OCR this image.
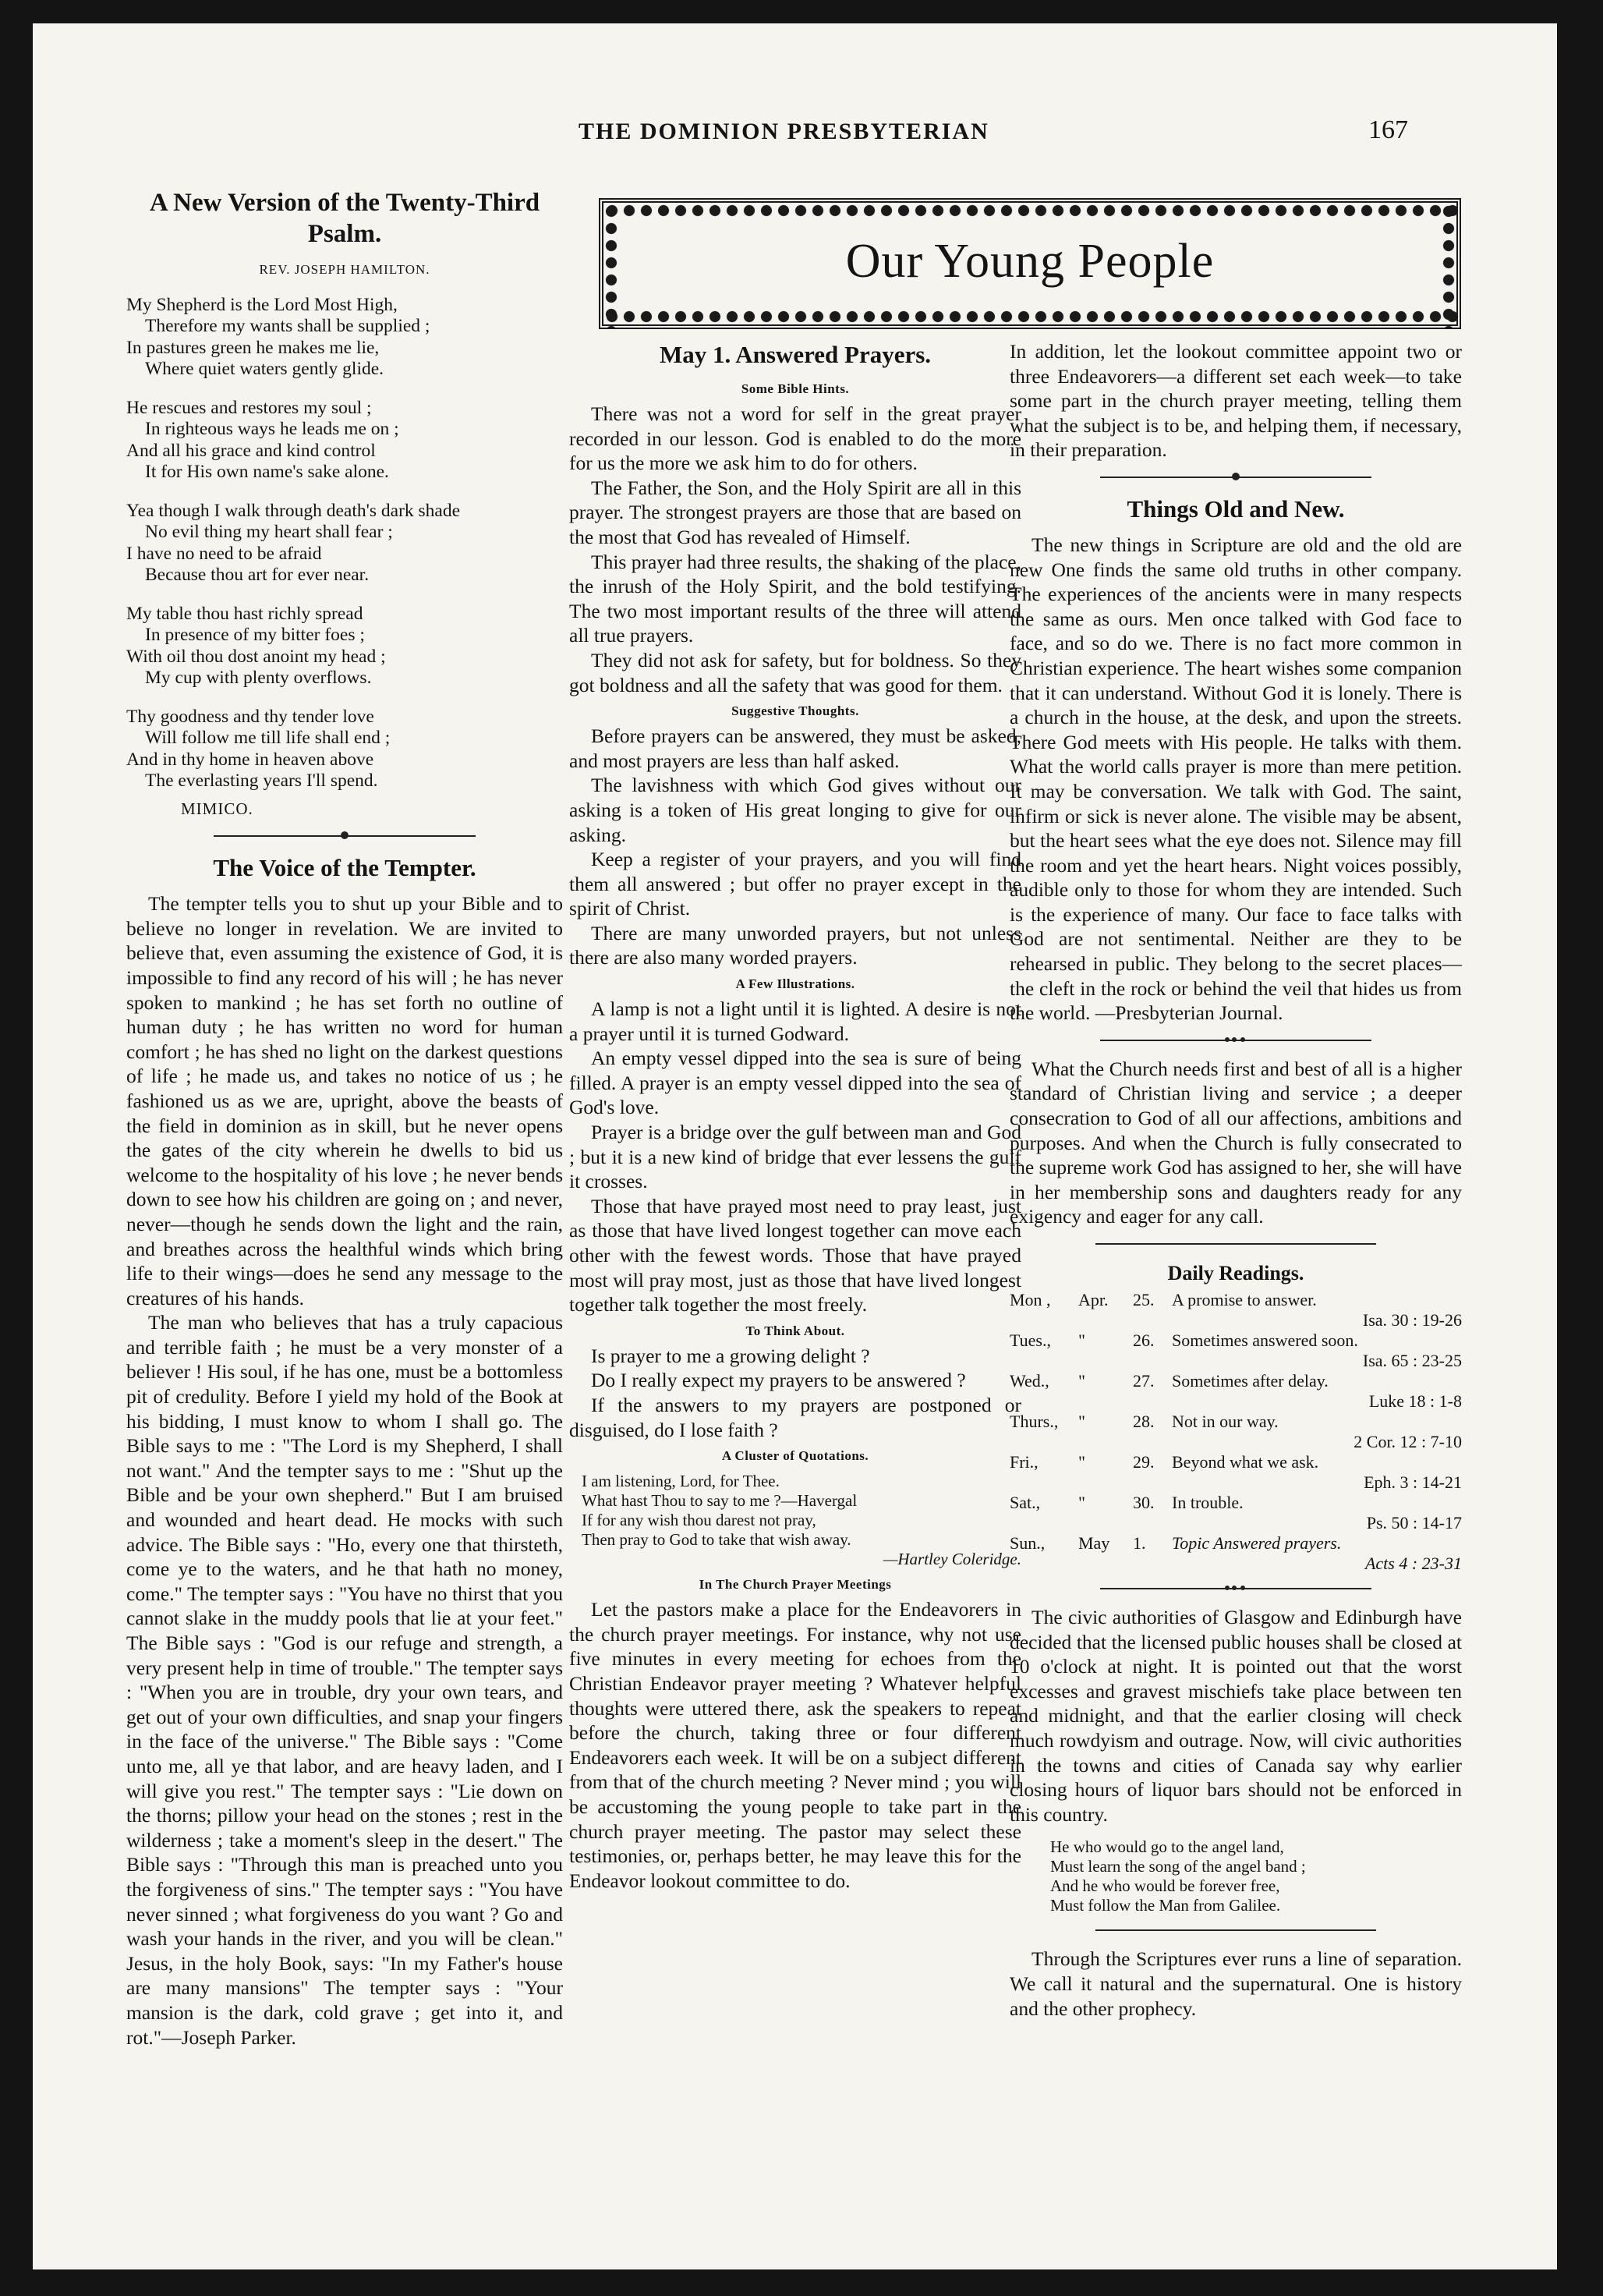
THE DOMINION PRESBYTERIAN	167
Our Young People
A New Version of the Twenty-Third Psalm.
REV. JOSEPH HAMILTON.
My Shepherd is the Lord Most High,
Therefore my wants shall be supplied ;
In pastures green he makes me lie,
Where quiet waters gently glide.
He rescues and restores my soul ;
In righteous ways he leads me on ;
And all his grace and kind control
It for His own name's sake alone.
Yea though I walk through death's dark shade
No evil thing my heart shall fear ;
I have no need to be afraid
Because thou art for ever near.
My table thou hast richly spread
In presence of my bitter foes ;
With oil thou dost anoint my head ;
My cup with plenty overflows.
Thy goodness and thy tender love
Will follow me till life shall end ;
And in thy home in heaven above
The everlasting years I'll spend.
MIMICO.
The Voice of the Tempter.

The tempter tells you to shut up your Bible and to believe no longer in revelation. We are invited to believe that, even assuming the existence of God, it is impossible to find any record of his will ; he has never spoken to mankind ; he has set forth no outline of human duty ; he has written no word for human comfort ; he has shed no light on the darkest questions of life ; he made us, and takes no notice of us ; he fashioned us as we are, upright, above the beasts of the field in dominion as in skill, but he never opens the gates of the city wherein he dwells to bid us welcome to the hospitality of his love ; he never bends down to see how his children are going on ; and never, never—though he sends down the light and the rain, and breathes across the healthful winds which bring life to their wings—does he send any message to the creatures of his hands.

The man who believes that has a truly capacious and terrible faith ; he must be a very monster of a believer ! His soul, if he has one, must be a bottomless pit of credulity. Before I yield my hold of the Book at his bidding, I must know to whom I shall go. The Bible says to me : "The Lord is my Shepherd, I shall not want." And the tempter says to me : "Shut up the Bible and be your own shepherd." But I am bruised and wounded and heart dead. He mocks with such advice. The Bible says : "Ho, every one that thirsteth, come ye to the waters, and he that hath no money, come." The tempter says : "You have no thirst that you cannot slake in the muddy pools that lie at your feet." The Bible says : "God is our refuge and strength, a very present help in time of trouble." The tempter says : "When you are in trouble, dry your own tears, and get out of your own difficulties, and snap your fingers in the face of the universe." The Bible says : "Come unto me, all ye that labor, and are heavy laden, and I will give you rest." The tempter says : "Lie down on the thorns; pillow your head on the stones ; rest in the wilderness ; take a moment's sleep in the desert." The Bible says : "Through this man is preached unto you the forgiveness of sins." The tempter says : "You have never sinned ; what forgiveness do you want ? Go and wash your hands in the river, and you will be clean." Jesus, in the holy Book, says: "In my Father's house are many mansions" The tempter says : "Your mansion is the dark, cold grave ; get into it, and rot."—Joseph Parker.

May 1. Answered Prayers.
Some Bible Hints.

There was not a word for self in the great prayer recorded in our lesson. God is enabled to do the more for us the more we ask him to do for others.

The Father, the Son, and the Holy Spirit are all in this prayer. The strongest prayers are those that are based on the most that God has revealed of Himself.

This prayer had three results, the shaking of the place, the inrush of the Holy Spirit, and the bold testifying. The two most important results of the three will attend all true prayers.

They did not ask for safety, but for boldness. So they got boldness and all the safety that was good for them.

Suggestive Thoughts.

Before prayers can be answered, they must be asked, and most prayers are less than half asked.

The lavishness with which God gives without our asking is a token of His great longing to give for our asking.

Keep a register of your prayers, and you will find them all answered ; but offer no prayer except in the spirit of Christ.

There are many unworded prayers, but not unless there are also many worded prayers.

A Few Illustrations.

A lamp is not a light until it is lighted. A desire is not a prayer until it is turned Godward.

An empty vessel dipped into the sea is sure of being filled. A prayer is an empty vessel dipped into the sea of God's love.

Prayer is a bridge over the gulf between man and God ; but it is a new kind of bridge that ever lessens the gulf it crosses.

Those that have prayed most need to pray least, just as those that have lived longest together can move each other with the fewest words. Those that have prayed most will pray most, just as those that have lived longest together talk together the most freely.

To Think About.

Is prayer to me a growing delight ?

Do I really expect my prayers to be answered ?

If the answers to my prayers are postponed or disguised, do I lose faith ?

A Cluster of Quotations.
I am listening, Lord, for Thee.
What hast Thou to say to me ?—Havergal
If for any wish thou darest not pray,
Then pray to God to take that wish away.
—Hartley Coleridge.
In The Church Prayer Meetings

Let the pastors make a place for the Endeavorers in the church prayer meetings. For instance, why not use five minutes in every meeting for echoes from the Christian Endeavor prayer meeting ? Whatever helpful thoughts were uttered there, ask the speakers to repeat before the church, taking three or four different Endeavorers each week. It will be on a subject different from that of the church meeting ? Never mind ; you will be accustoming the young people to take part in the church prayer meeting. The pastor may select these testimonies, or, perhaps better, he may leave this for the Endeavor lookout committee to do.

In addition, let the lookout committee appoint two or three Endeavorers—a different set each week—to take some part in the church prayer meeting, telling them what the subject is to be, and helping them, if necessary, in their preparation.

Things Old and New.

The new things in Scripture are old and the old are new One finds the same old truths in other company. The experiences of the ancients were in many respects the same as ours. Men once talked with God face to face, and so do we. There is no fact more common in Christian experience. The heart wishes some companion that it can understand. Without God it is lonely. There is a church in the house, at the desk, and upon the streets. There God meets with His people. He talks with them. What the world calls prayer is more than mere petition. It may be conversation. We talk with God. The saint, infirm or sick is never alone. The visible may be absent, but the heart sees what the eye does not. Silence may fill the room and yet the heart hears. Night voices possibly, audible only to those for whom they are intended. Such is the experience of many. Our face to face talks with God are not sentimental. Neither are they to be rehearsed in public. They belong to the secret places—the cleft in the rock or behind the veil that hides us from the world. —Presbyterian Journal.

What the Church needs first and best of all is a higher standard of Christian living and service ; a deeper consecration to God of all our affections, ambitions and purposes. And when the Church is fully consecrated to the supreme work God has assigned to her, she will have in her membership sons and daughters ready for any exigency and eager for any call.

Daily Readings.
Mon ,	Apr.	25.	A promise to answer.
Isa. 30 : 19-26			
Tues.,	"	26.	Sometimes answered soon.
Isa. 65 : 23-25			
Wed.,	"	27.	Sometimes after delay.
Luke 18 : 1-8			
Thurs.,	"	28.	Not in our way.
2 Cor. 12 : 7-10			
Fri.,	"	29.	Beyond what we ask.
Eph. 3 : 14-21			
Sat.,	"	30.	In trouble.
Ps. 50 : 14-17			
Sun.,	May	1.	Topic Answered prayers.
Acts 4 : 23-31			

The civic authorities of Glasgow and Edinburgh have decided that the licensed public houses shall be closed at 10 o'clock at night. It is pointed out that the worst excesses and gravest mischiefs take place between ten and midnight, and that the earlier closing will check much rowdyism and outrage. Now, will civic authorities in the towns and cities of Canada say why earlier closing hours of liquor bars should not be enforced in this country.

He who would go to the angel land,
Must learn the song of the angel band ;
And he who would be forever free,
Must follow the Man from Galilee.

Through the Scriptures ever runs a line of separation. We call it natural and the supernatural. One is history and the other prophecy.
